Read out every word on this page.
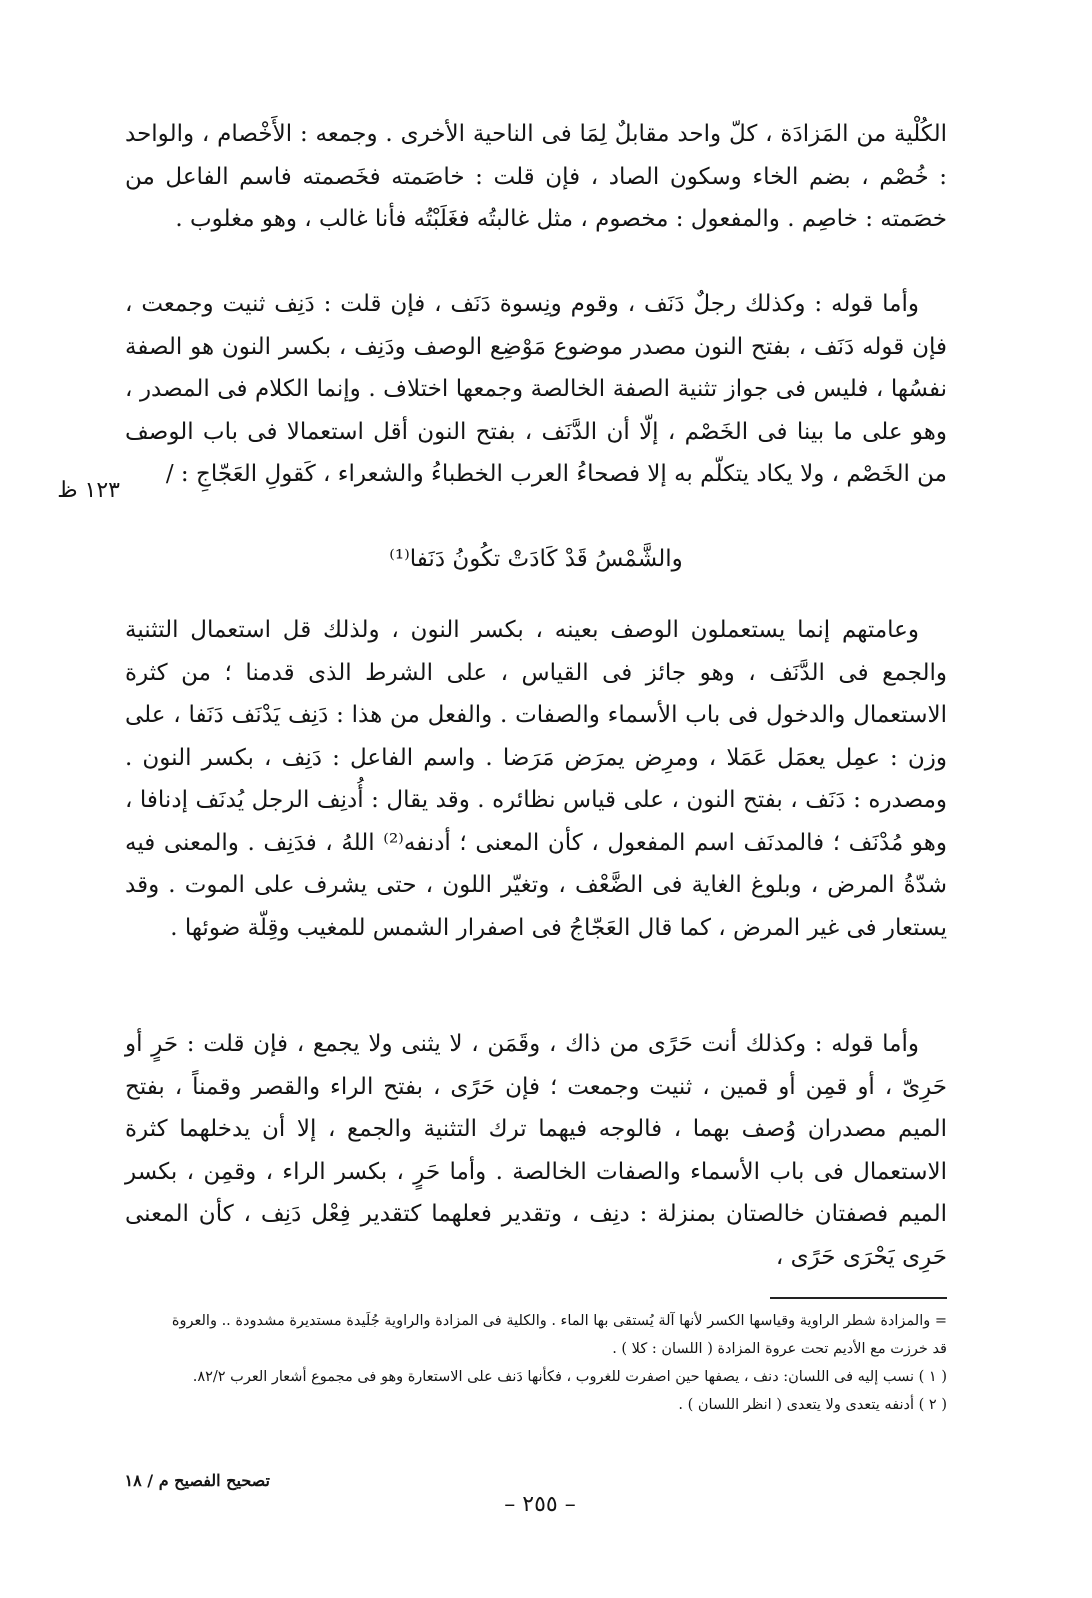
الكُلْية من المَزادَة ، كلّ واحد مقابلٌ لِمَا فى الناحية الأخرى . وجمعه : الأَخْصام ، والواحد : خُصْم ، بضم الخاء وسكون الصاد ، فإن قلت : خاصَمته فخَصمته فاسم الفاعل من خصَمته : خاصِم . والمفعول : مخصوم ، مثل غالبتُه فغَلَبْتُه فأنا غالب ، وهو مغلوب .

وأما قوله : وكذلك رجلٌ دَنَف ، وقوم ونِسوة دَنَف ، فإن قلت : دَنِف ثنيت وجمعت ، فإن قوله دَنَف ، بفتح النون مصدر موضوع مَوْضِع الوصف ودَنِف ، بكسر النون هو الصفة نفسُها ، فليس فى جواز تثنية الصفة الخالصة وجمعها اختلاف . وإنما الكلام فى المصدر ، وهو على ما بينا فى الخَصْم ، إلّا أن الدَّنَف ، بفتح النون أقل استعمالا فى باب الوصف من الخَصْم ، ولا يكاد يتكلّم به إلا فصحاءُ العرب الخطباءُ والشعراء ، كَقولِ العَجّاجِ : /

١٢٣ ظ
والشَّمْسُ قَدْ كَادَتْ تكُونُ دَنَفا⁽¹⁾

وعامتهم إنما يستعملون الوصف بعينه ، بكسر النون ، ولذلك قل استعمال التثنية والجمع فى الدَّنَف ، وهو جائز فى القياس ، على الشرط الذى قدمنا ؛ من كثرة الاستعمال والدخول فى باب الأسماء والصفات . والفعل من هذا : دَنِف يَدْنَف دَنَفا ، على وزن : عمِل يعمَل عَمَلا ، ومرِض يمرَض مَرَضا . واسم الفاعل : دَنِف ، بكسر النون . ومصدره : دَنَف ، بفتح النون ، على قياس نظائره . وقد يقال : أُدنِف الرجل يُدنَف إدنافا ، وهو مُدْنَف ؛ فالمدنَف اسم المفعول ، كأن المعنى ؛ أدنفه⁽²⁾ اللهُ ، فدَنِف . والمعنى فيه شدّةُ المرض ، وبلوغ الغاية فى الضَّعْف ، وتغيّر اللون ، حتى يشرف على الموت . وقد يستعار فى غير المرض ، كما قال العَجّاجُ فى اصفرار الشمس للمغيب وقِلّة ضوئها .

وأما قوله : وكذلك أنت حَرًى من ذاك ، وقَمَن ، لا يثنى ولا يجمع ، فإن قلت : حَرٍ أو حَرِىّ ، أو قمِن أو قمين ، ثنيت وجمعت ؛ فإن حَرًى ، بفتح الراء والقصر وقمناً ، بفتح الميم مصدران وُصف بهما ، فالوجه فيهما ترك التثنية والجمع ، إلا أن يدخلهما كثرة الاستعمال فى باب الأسماء والصفات الخالصة . وأما حَرٍ ، بكسر الراء ، وقمِن ، بكسر الميم فصفتان خالصتان بمنزلة : دنِف ، وتقدير فعلهما كتقدير فِعْل دَنِف ، كأن المعنى حَرِى يَحْرَى حَرًى ،

= والمزادة شطر الراوية وقياسها الكسر لأنها آلة يُستقى بها الماء . والكلية فى المزادة والراوية جُلَيدة مستديرة مشدودة .. والعروة

قد خرزت مع الأديم تحت عروة المزادة ( اللسان : كلا ) .

( ١ ) نسب إليه فى اللسان: دنف ، يصفها حين اصفرت للغروب ، فكأنها دَنف على الاستعارة وهو فى مجموع أشعار العرب ٨٢/٢.

( ٢ ) أدنفه يتعدى ولا يتعدى ( انظر اللسان ) .

تصحيح الفصيح م / ١٨
– ٢٥٥ –
